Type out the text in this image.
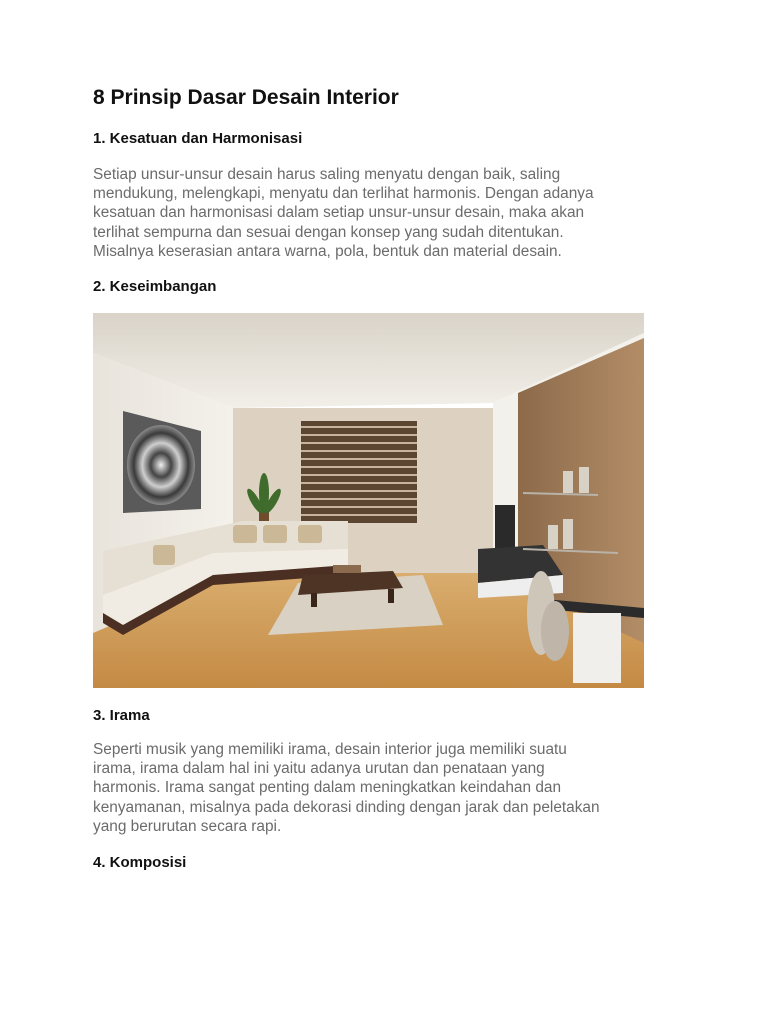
8 Prinsip Dasar Desain Interior
1. Kesatuan dan Harmonisasi
Setiap unsur-unsur desain harus saling menyatu dengan baik, saling
mendukung, melengkapi, menyatu dan terlihat harmonis. Dengan adanya
kesatuan dan harmonisasi dalam setiap unsur-unsur desain, maka akan
terlihat sempurna dan sesuai dengan konsep yang sudah ditentukan.
Misalnya keserasian antara warna, pola, bentuk dan material desain.
2. Keseimbangan
3. Irama
Seperti musik yang memiliki irama, desain interior juga memiliki suatu
irama, irama dalam hal ini yaitu adanya urutan dan penataan yang
harmonis. Irama sangat penting dalam meningkatkan keindahan dan
kenyamanan, misalnya pada dekorasi dinding dengan jarak dan peletakan
yang berurutan secara rapi.
4. Komposisi
